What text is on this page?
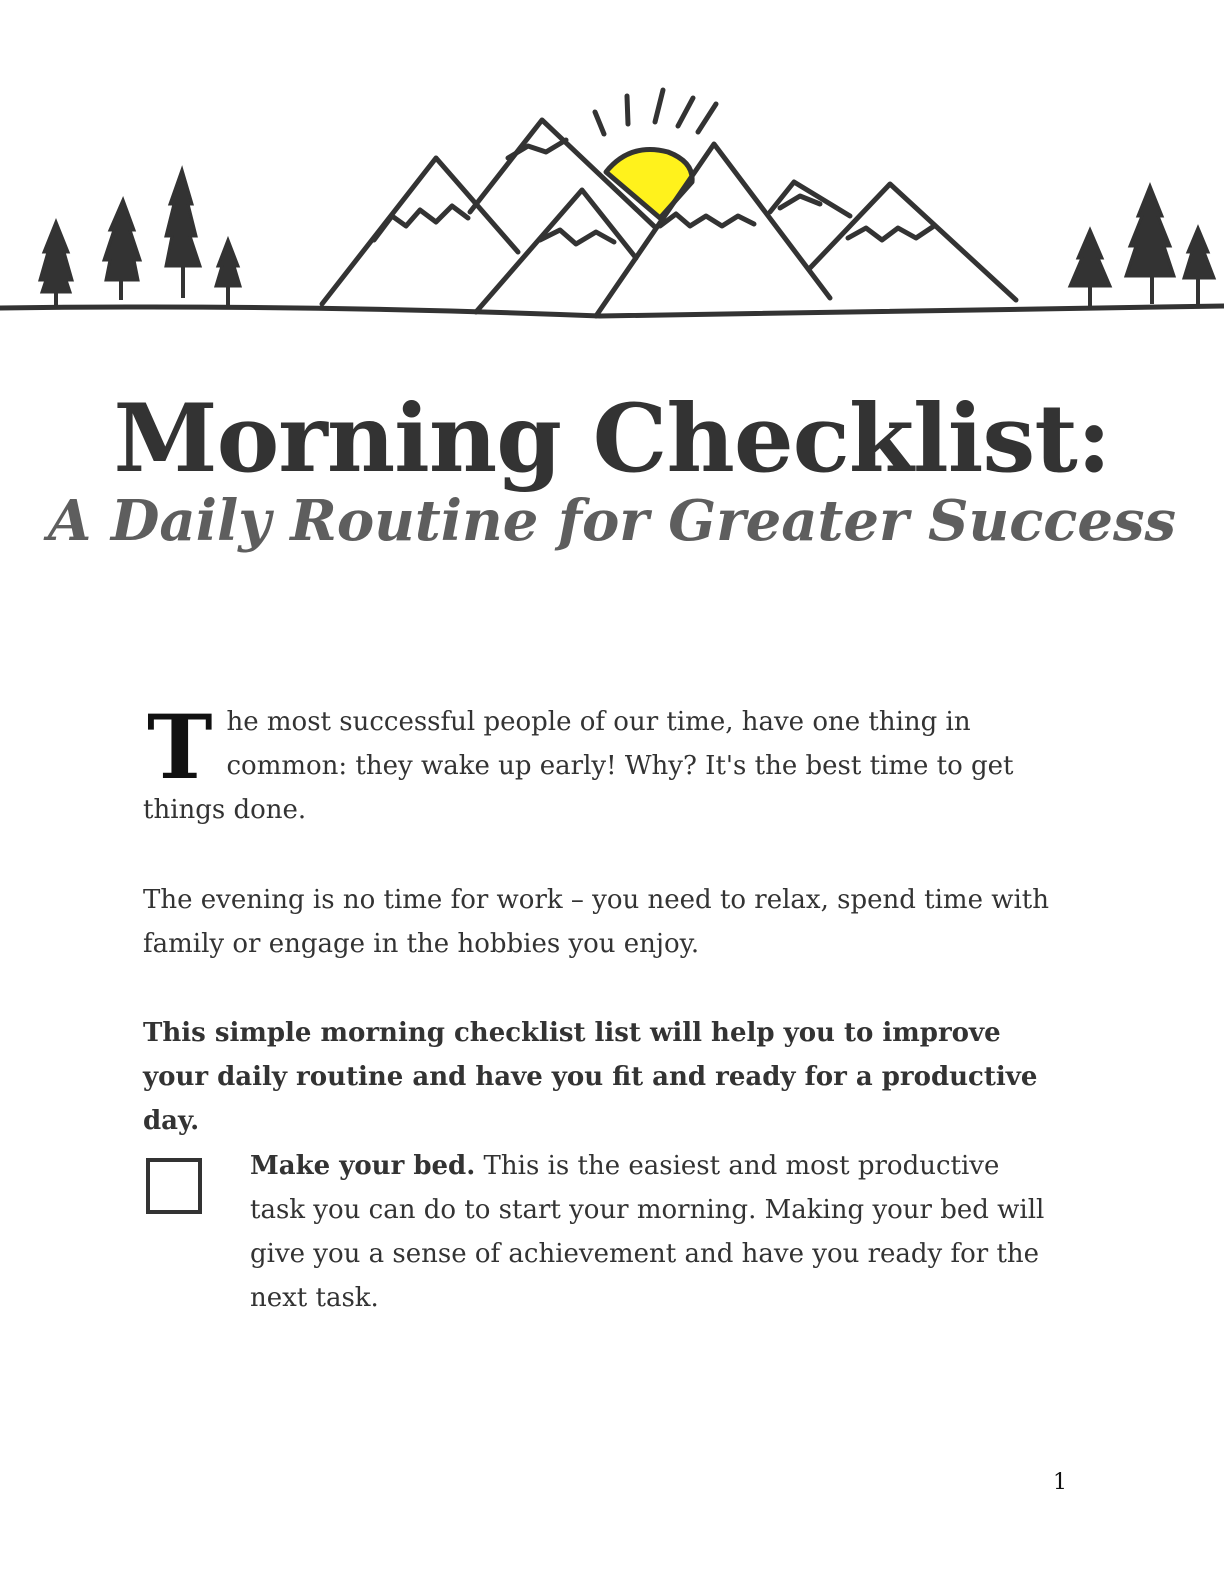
Morning Checklist:
A Daily Routine for Greater Success

The most successful people of our time, have one thing in common: they wake up early! Why? It's the best time to get things done.

The evening is no time for work – you need to relax, spend time with family or engage in the hobbies you enjoy.

This simple morning checklist list will help you to improve your daily routine and have you fit and ready for a productive day.

Make your bed. This is the easiest and most productive task you can do to start your morning. Making your bed will give you a sense of achievement and have you ready for the next task.

1
